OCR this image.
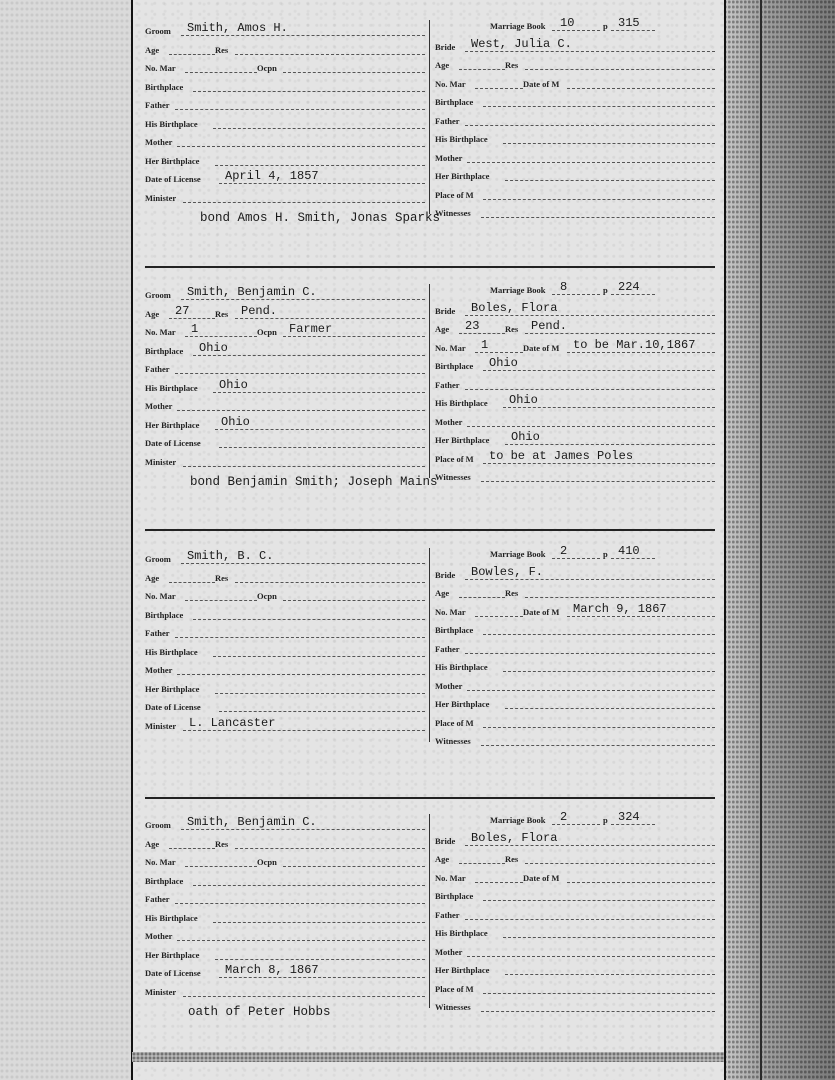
Groom Smith, Amos H.
Age	Res
No. Mar	Ocpn
Birthplace
Father
His Birthplace
Mother
Her Birthplace
Date of License April 4, 1857
Minister
Marriage Book 10	p 315
Bride West, Julia C.
Age	Res
No. Mar	Date of M
Birthplace
Father
His Birthplace
Mother
Her Birthplace
Place of M
Witnesses
bond Amos H. Smith, Jonas Sparks
Groom Smith, Benjamin C.
Age 27	Res Pend.
No. Mar 1	Ocpn Farmer
Birthplace Ohio
Father
His Birthplace Ohio
Mother
Her Birthplace Ohio
Date of License
Minister
Marriage Book 8	p 224
Bride Boles, Flora
Age 23	Res Pend.
No. Mar 1	Date of M to be Mar.10,1867
Birthplace Ohio
Father
His Birthplace Ohio
Mother
Her Birthplace Ohio
Place of M to be at James Poles
Witnesses
bond Benjamin Smith; Joseph Mains
Groom Smith, B. C.
Age	Res
No. Mar	Ocpn
Birthplace
Father
His Birthplace
Mother
Her Birthplace
Date of License
Minister L. Lancaster
Marriage Book 2	p 410
Bride Bowles, F.
Age	Res
No. Mar	Date of M March 9, 1867
Birthplace
Father
His Birthplace
Mother
Her Birthplace
Place of M
Witnesses
Groom Smith, Benjamin C.
Age	Res
No. Mar	Ocpn
Birthplace
Father
His Birthplace
Mother
Her Birthplace
Date of License March 8, 1867
Minister
Marriage Book 2	p 324
Bride Boles, Flora
Age	Res
No. Mar	Date of M
Birthplace
Father
His Birthplace
Mother
Her Birthplace
Place of M
Witnesses
oath of Peter Hobbs
